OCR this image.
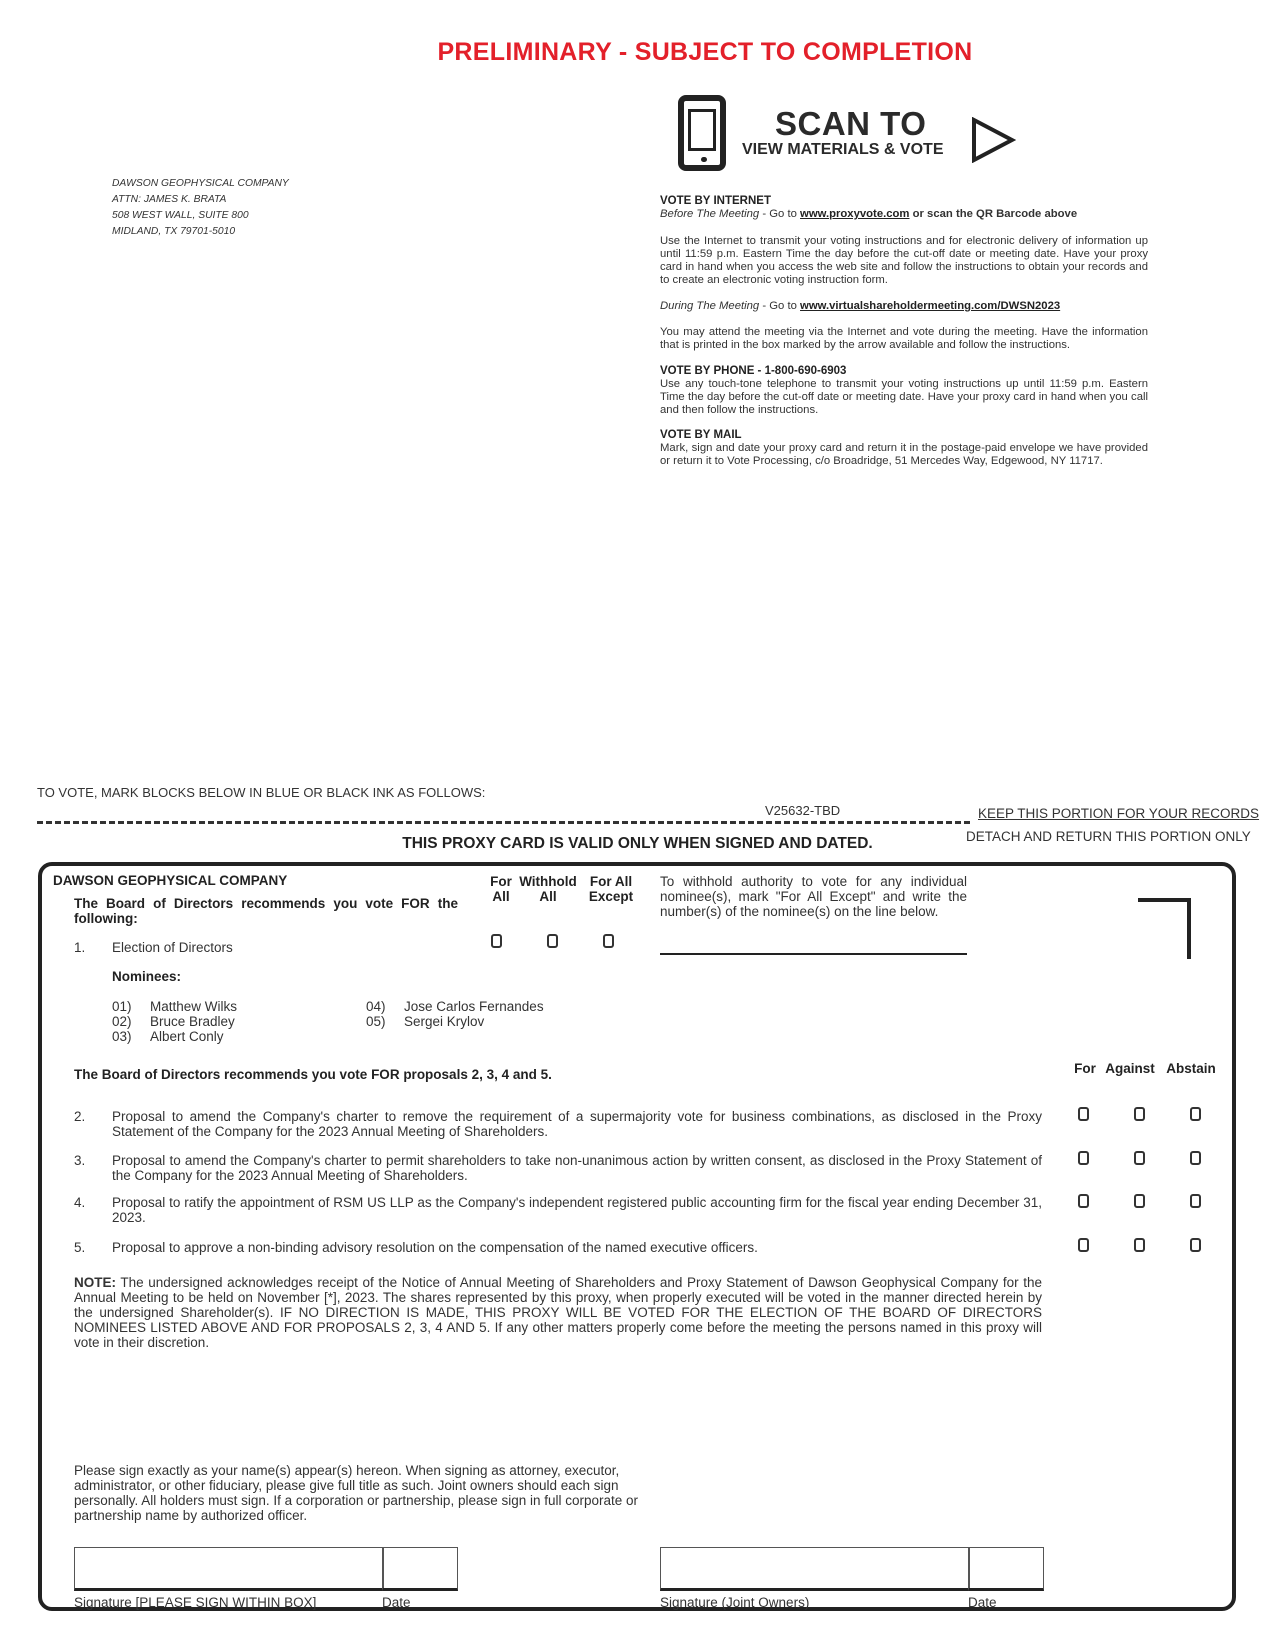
PRELIMINARY - SUBJECT TO COMPLETION
SCAN TO
VIEW MATERIALS & VOTE
DAWSON GEOPHYSICAL COMPANY
ATTN: JAMES K. BRATA
508 WEST WALL, SUITE 800
MIDLAND, TX 79701-5010
VOTE BY INTERNET

Before The Meeting - Go to www.proxyvote.com or scan the QR Barcode above

Use the Internet to transmit your voting instructions and for electronic delivery of information up until 11:59 p.m. Eastern Time the day before the cut-off date or meeting date. Have your proxy card in hand when you access the web site and follow the instructions to obtain your records and to create an electronic voting instruction form.

During The Meeting - Go to www.virtualshareholdermeeting.com/DWSN2023

You may attend the meeting via the Internet and vote during the meeting. Have the information that is printed in the box marked by the arrow available and follow the instructions.

VOTE BY PHONE - 1-800-690-6903

Use any touch-tone telephone to transmit your voting instructions up until 11:59 p.m. Eastern Time the day before the cut-off date or meeting date. Have your proxy card in hand when you call and then follow the instructions.

VOTE BY MAIL

Mark, sign and date your proxy card and return it in the postage-paid envelope we have provided or return it to Vote Processing, c/o Broadridge, 51 Mercedes Way, Edgewood, NY 11717.

TO VOTE, MARK BLOCKS BELOW IN BLUE OR BLACK INK AS FOLLOWS:
V25632-TBD	KEEP THIS PORTION FOR YOUR RECORDS
DETACH AND RETURN THIS PORTION ONLY
THIS PROXY CARD IS VALID ONLY WHEN SIGNED AND DATED.
DAWSON GEOPHYSICAL COMPANY
The Board of Directors recommends you vote FOR the following:
For All
Withhold All
For All Except
To withhold authority to vote for any individual nominee(s), mark "For All Except" and write the number(s) of the nominee(s) on the line below.
1. Election of Directors
Nominees:
01) Matthew Wilks
02) Bruce Bradley
03) Albert Conly
04) Jose Carlos Fernandes
05) Sergei Krylov
The Board of Directors recommends you vote FOR proposals 2, 3, 4 and 5.	For Against Abstain
2. Proposal to amend the Company's charter to remove the requirement of a supermajority vote for business combinations, as disclosed in the Proxy Statement of the Company for the 2023 Annual Meeting of Shareholders.
3. Proposal to amend the Company's charter to permit shareholders to take non-unanimous action by written consent, as disclosed in the Proxy Statement of the Company for the 2023 Annual Meeting of Shareholders.
4. Proposal to ratify the appointment of RSM US LLP as the Company's independent registered public accounting firm for the fiscal year ending December 31, 2023.
5. Proposal to approve a non-binding advisory resolution on the compensation of the named executive officers.
NOTE: The undersigned acknowledges receipt of the Notice of Annual Meeting of Shareholders and Proxy Statement of Dawson Geophysical Company for the Annual Meeting to be held on November [*], 2023. The shares represented by this proxy, when properly executed will be voted in the manner directed herein by the undersigned Shareholder(s). IF NO DIRECTION IS MADE, THIS PROXY WILL BE VOTED FOR THE ELECTION OF THE BOARD OF DIRECTORS NOMINEES LISTED ABOVE AND FOR PROPOSALS 2, 3, 4 AND 5. If any other matters properly come before the meeting the persons named in this proxy will vote in their discretion.
Please sign exactly as your name(s) appear(s) hereon. When signing as attorney, executor, administrator, or other fiduciary, please give full title as such. Joint owners should each sign personally. All holders must sign. If a corporation or partnership, please sign in full corporate or partnership name by authorized officer.
Signature [PLEASE SIGN WITHIN BOX]	Date	Signature (Joint Owners)	Date
